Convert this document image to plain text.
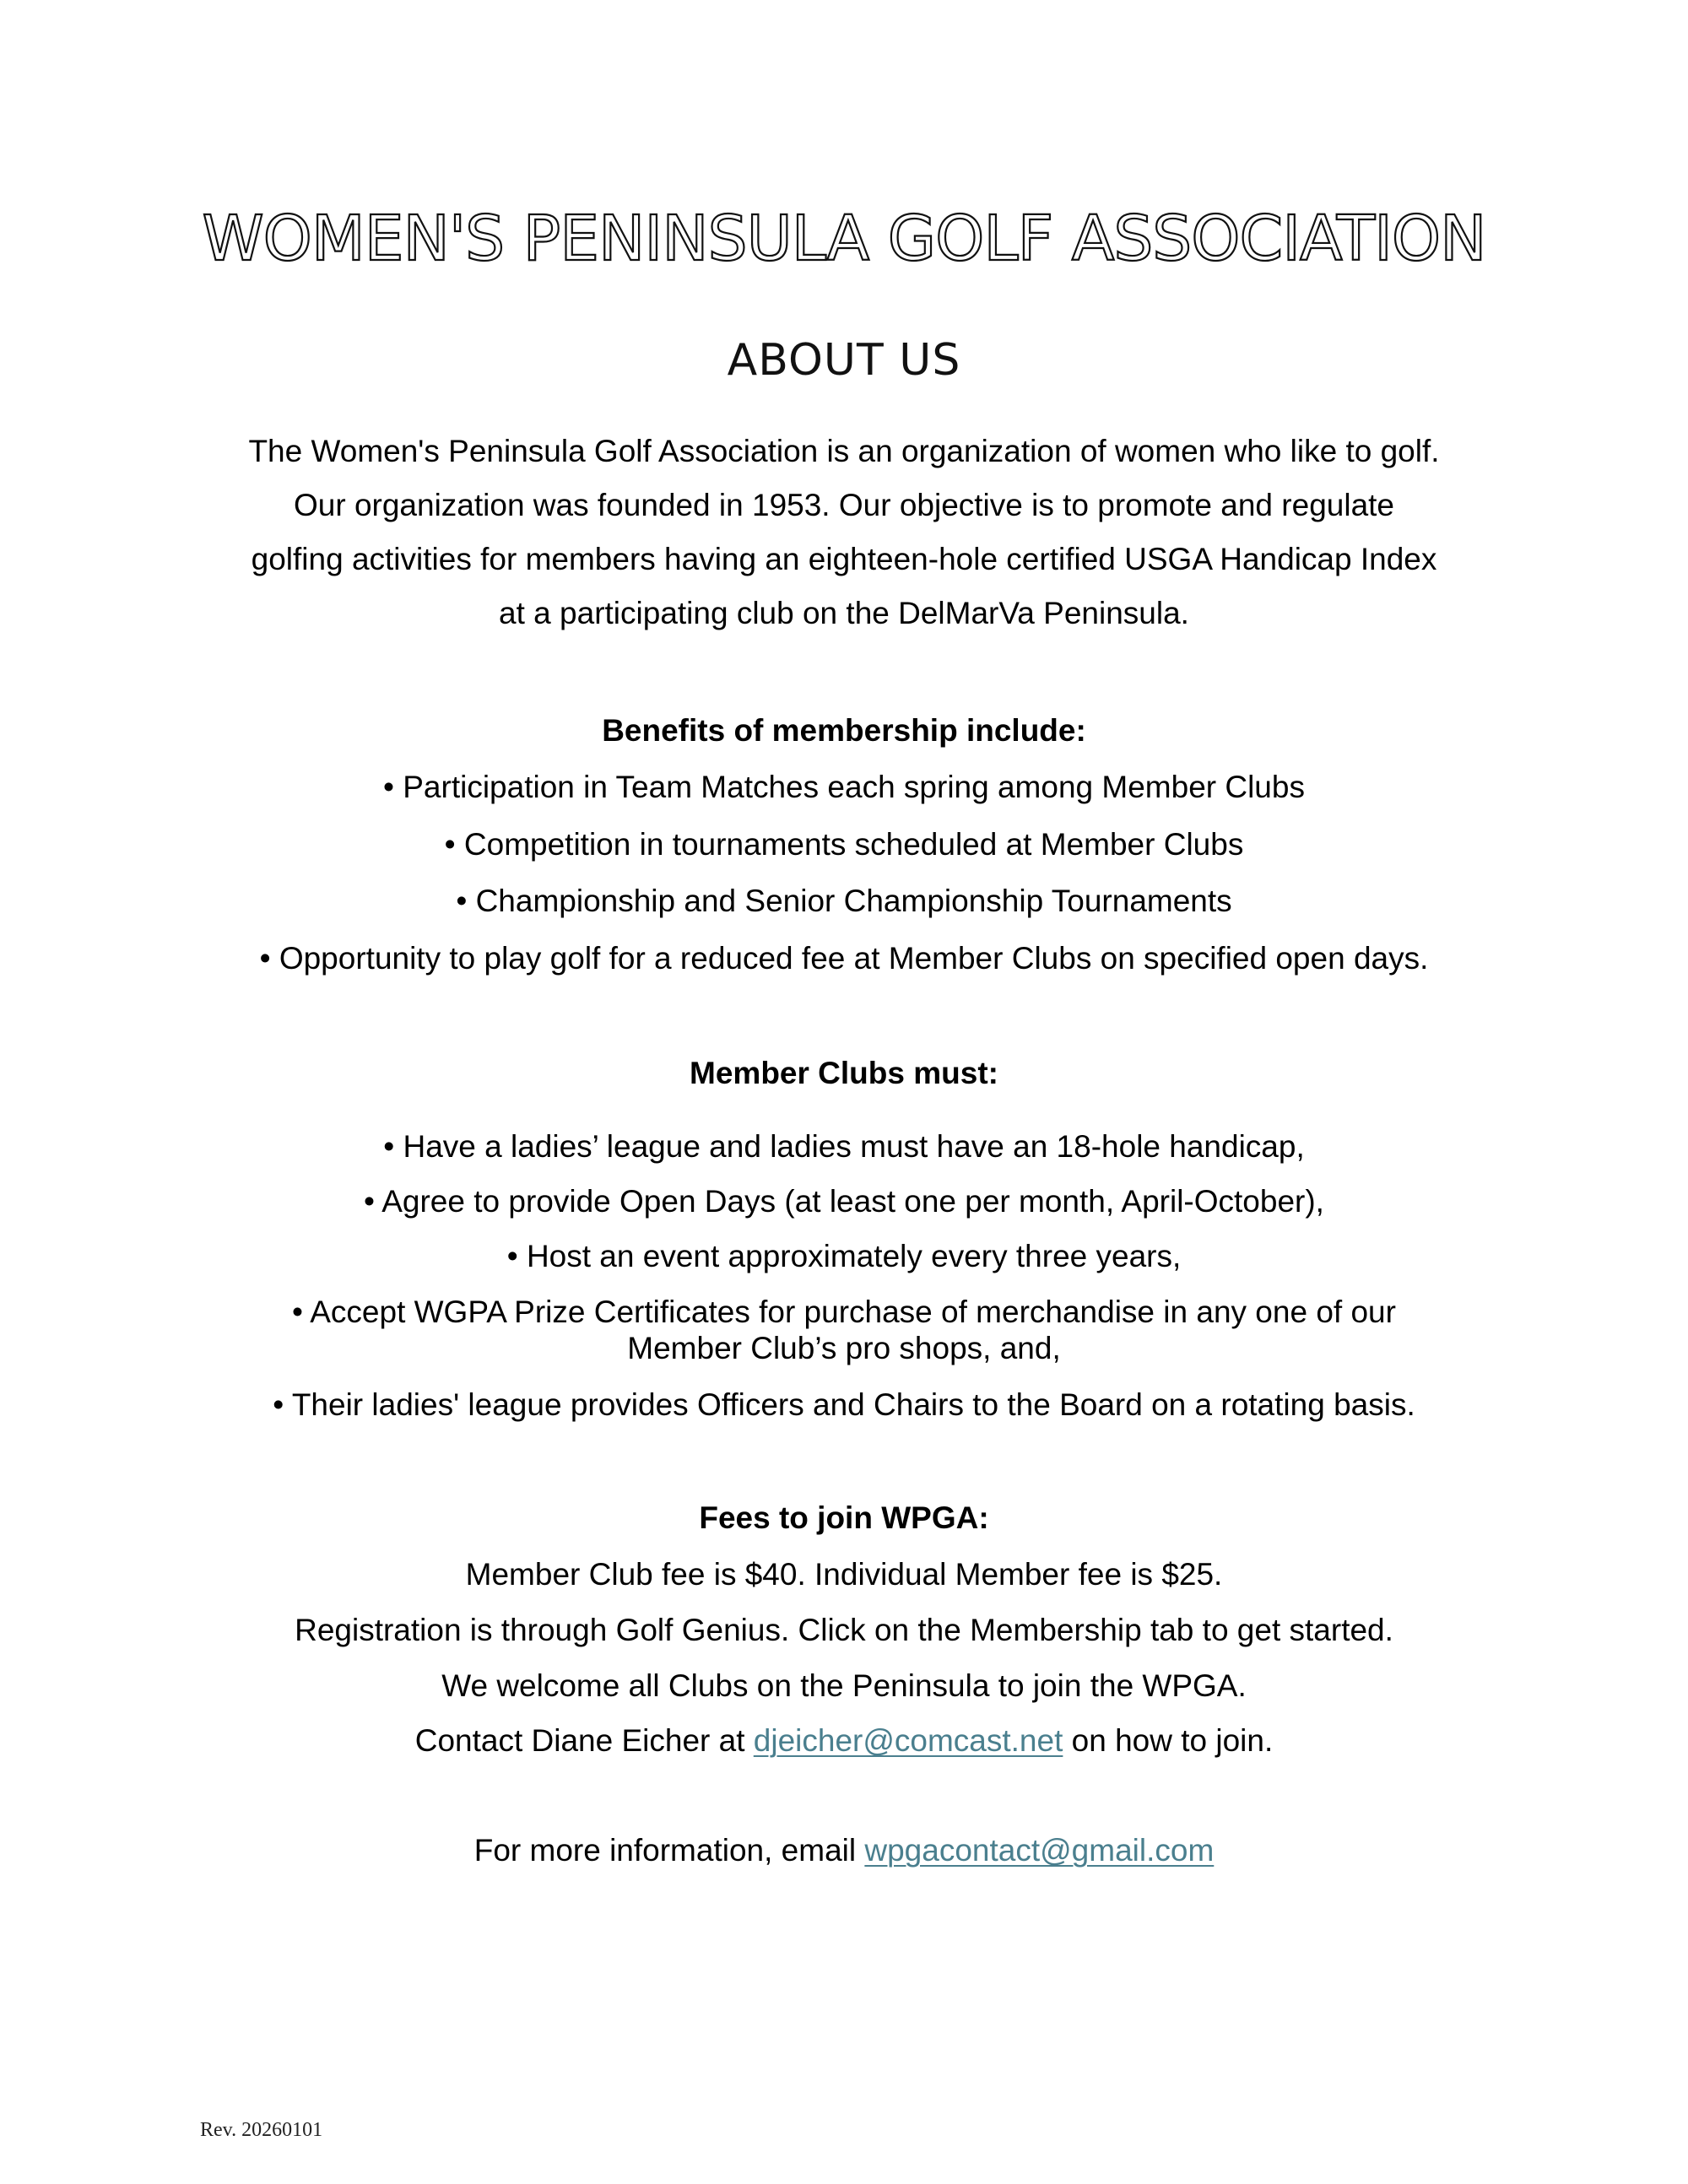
WOMEN'S PENINSULA GOLF ASSOCIATION
ABOUT US
The Women's Peninsula Golf Association is an organization of women who like to golf.
Our organization was founded in 1953. Our objective is to promote and regulate
golfing activities for members having an eighteen-hole certified USGA Handicap Index
at a participating club on the DelMarVa Peninsula.
Benefits of membership include:
• Participation in Team Matches each spring among Member Clubs
• Competition in tournaments scheduled at Member Clubs
• Championship and Senior Championship Tournaments
• Opportunity to play golf for a reduced fee at Member Clubs on specified open days.
Member Clubs must:
• Have a ladies’ league and ladies must have an 18-hole handicap,
• Agree to provide Open Days (at least one per month, April-October),
• Host an event approximately every three years,
• Accept WGPA Prize Certificates for purchase of merchandise in any one of our
Member Club’s pro shops, and,
• Their ladies' league provides Officers and Chairs to the Board on a rotating basis.
Fees to join WPGA:
Member Club fee is $40. Individual Member fee is $25.
Registration is through Golf Genius. Click on the Membership tab to get started.
We welcome all Clubs on the Peninsula to join the WPGA.
Contact Diane Eicher at djeicher@comcast.net on how to join.
For more information, email wpgacontact@gmail.com
Rev. 20260101
